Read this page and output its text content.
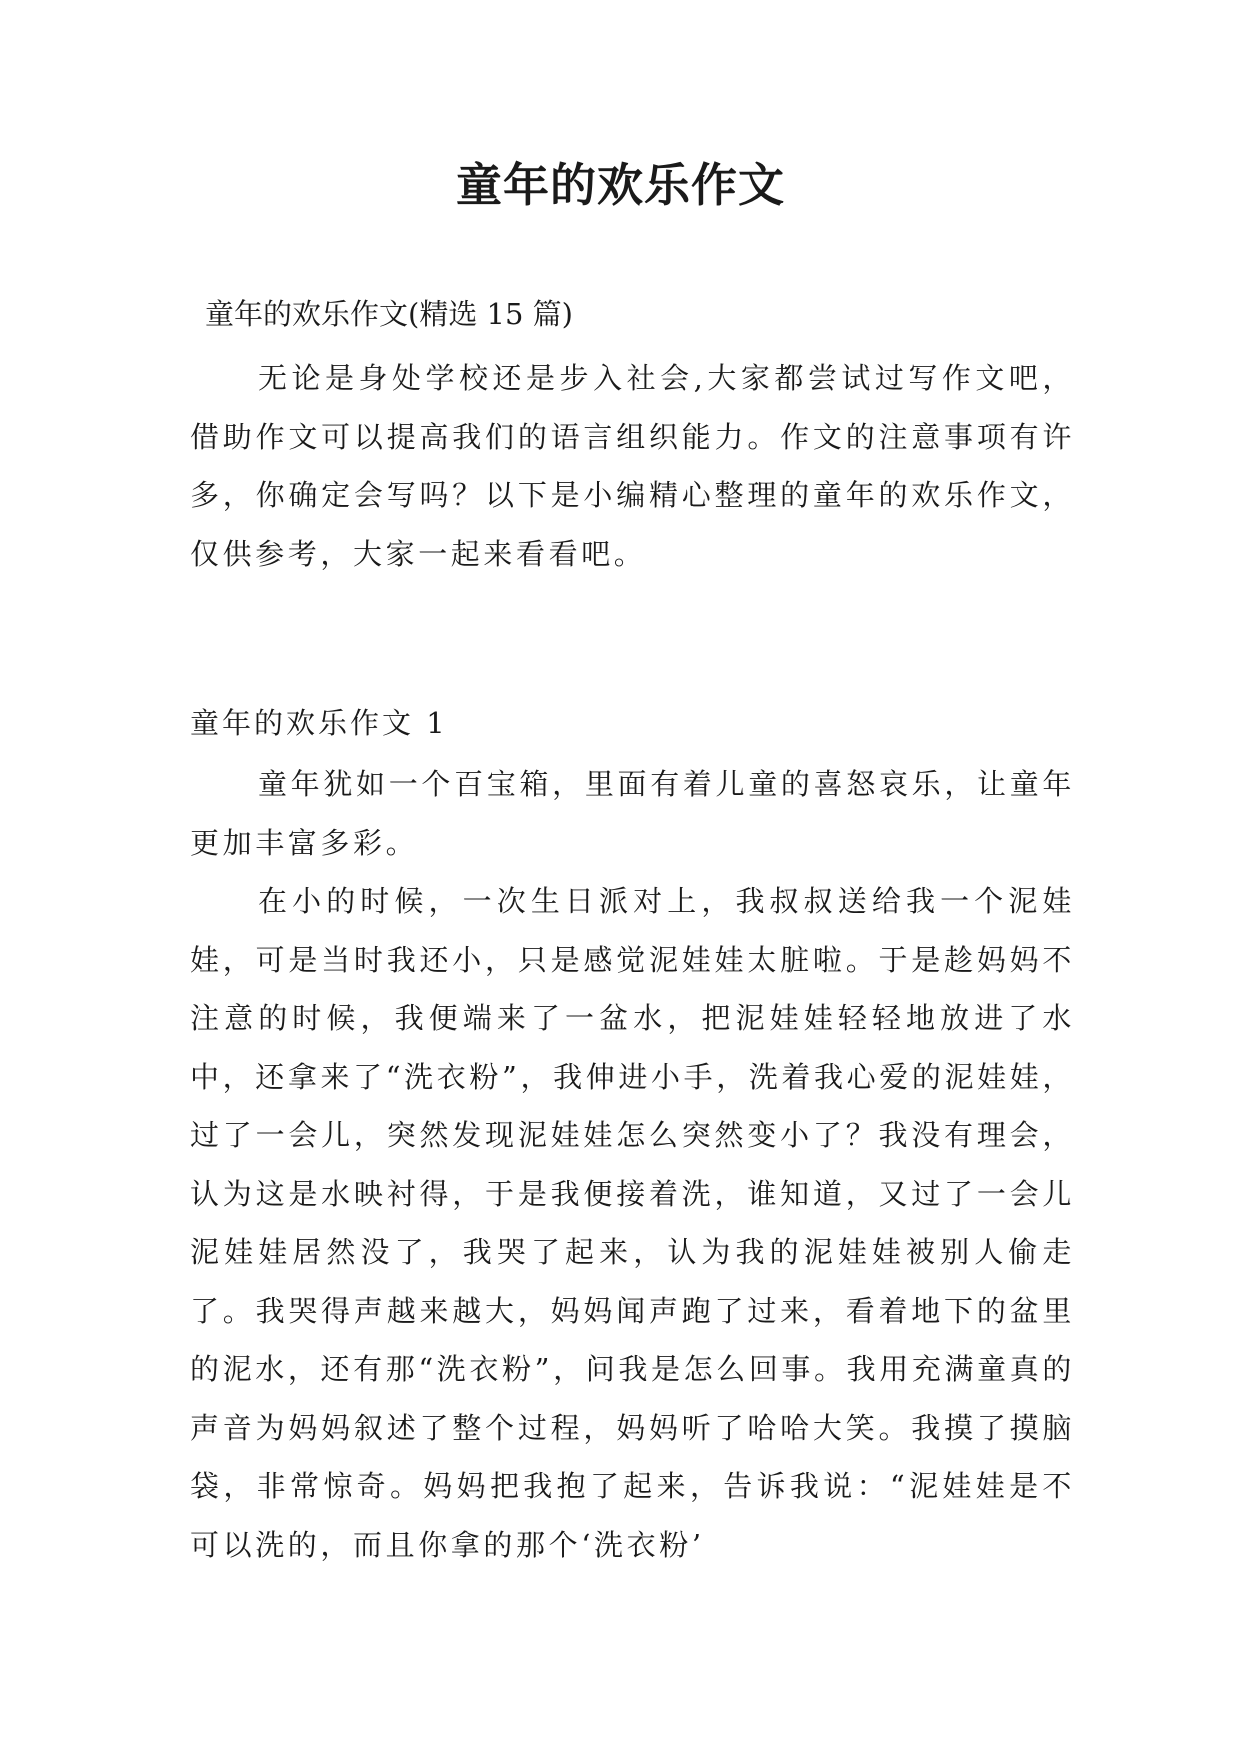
童年的欢乐作文
童年的欢乐作文(精选 15 篇)

无论是身处学校还是步入社会,大家都尝试过写作文吧，借助作文可以提高我们的语言组织能力。作文的注意事项有许多，你确定会写吗？以下是小编精心整理的童年的欢乐作文，仅供参考，大家一起来看看吧。

童年的欢乐作文 1

童年犹如一个百宝箱，里面有着儿童的喜怒哀乐，让童年更加丰富多彩。

在小的时候，一次生日派对上，我叔叔送给我一个泥娃娃，可是当时我还小，只是感觉泥娃娃太脏啦。于是趁妈妈不注意的时候，我便端来了一盆水，把泥娃娃轻轻地放进了水中，还拿来了“洗衣粉”，我伸进小手，洗着我心爱的泥娃娃，过了一会儿，突然发现泥娃娃怎么突然变小了？我没有理会，认为这是水映衬得，于是我便接着洗，谁知道，又过了一会儿泥娃娃居然没了，我哭了起来，认为我的泥娃娃被别人偷走了。我哭得声越来越大，妈妈闻声跑了过来，看着地下的盆里的泥水，还有那“洗衣粉”，问我是怎么回事。我用充满童真的声音为妈妈叙述了整个过程，妈妈听了哈哈大笑。我摸了摸脑袋，非常惊奇。妈妈把我抱了起来，告诉我说：“泥娃娃是不可以洗的，而且你拿的那个‘洗衣粉’
